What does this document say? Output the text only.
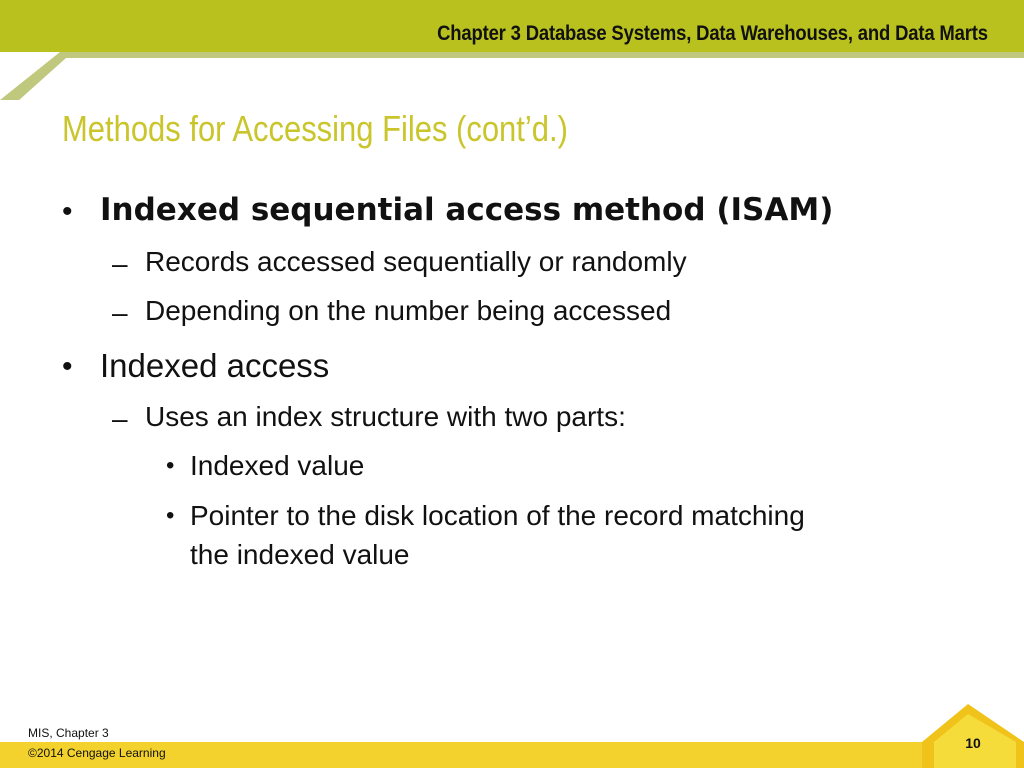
Chapter 3 Database Systems, Data Warehouses, and Data Marts
Methods for Accessing Files (cont’d.)
• Indexed sequential access method (ISAM)
– Records accessed sequentially or randomly
– Depending on the number being accessed
• Indexed access
– Uses an index structure with two parts:
• Indexed value
• Pointer to the disk location of the record matching
the indexed value
MIS, Chapter 3
©2014 Cengage Learning
10
